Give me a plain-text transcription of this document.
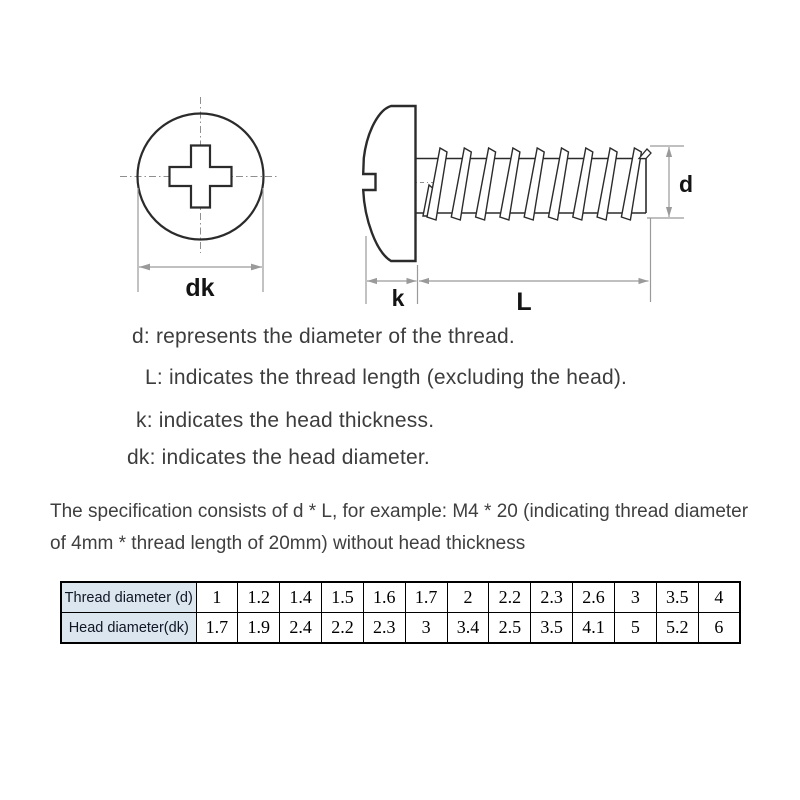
dk	k	L
d
d: represents the diameter of the thread.
L: indicates the thread length (excluding the head).
k: indicates the head thickness.
dk: indicates the head diameter.
The specification consists of d * L, for example: M4 * 20 (indicating thread diameter of 4mm * thread length of 20mm) without head thickness
Thread diameter (d)	1	1.2	1.4	1.5	1.6	1.7	2	2.2	2.3	2.6	3	3.5	4
Head diameter(dk)	1.7	1.9	2.4	2.2	2.3	3	3.4	2.5	3.5	4.1	5	5.2	6
